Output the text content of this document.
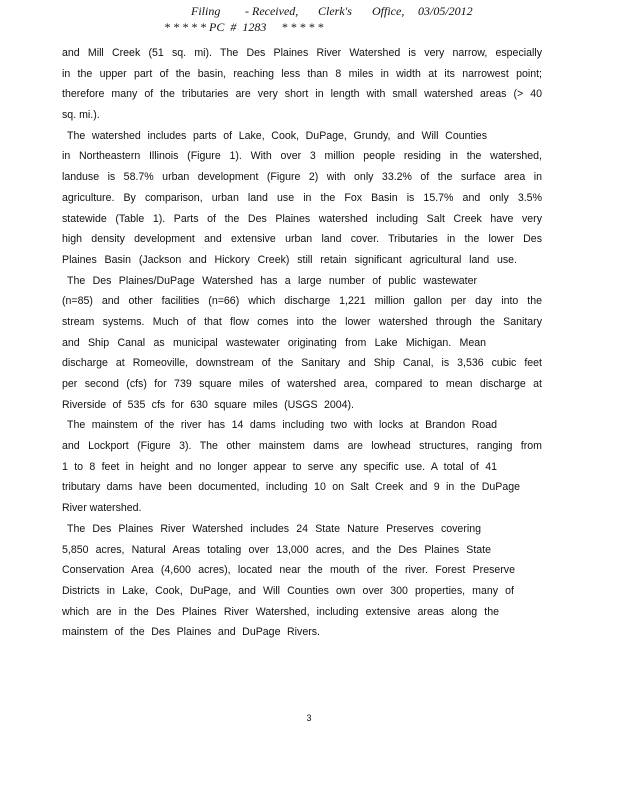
Filing

- Received,

Clerk's

Office,

03/05/2012

* * * * * PC  #  1283     * * * * *

and Mill Creek (51 sq. mi). The Des Plaines River Watershed is very narrow, especially
in the upper part of the basin, reaching less than 8 miles in width at its narrowest point;
therefore many of the tributaries are very short in length with small watershed areas (> 40
sq. mi.).
The watershed includes parts of Lake, Cook, DuPage, Grundy, and Will Counties
in Northeastern Illinois (Figure 1). With over 3 million people residing in the watershed,
landuse is 58.7% urban development (Figure 2) with only 33.2% of the surface area in
agriculture. By comparison, urban land use in the Fox Basin is 15.7% and only 3.5%
statewide (Table 1). Parts of the Des Plaines watershed including Salt Creek have very
high density development and extensive urban land cover. Tributaries in the lower Des
Plaines Basin (Jackson and Hickory Creek) still retain significant agricultural land use.
The Des Plaines/DuPage Watershed has a large number of public wastewater
(n=85) and other facilities (n=66) which discharge 1,221 million gallon per day into the
stream systems. Much of that flow comes into the lower watershed through the Sanitary
and Ship Canal as municipal wastewater originating from Lake Michigan. Mean
discharge at Romeoville, downstream of the Sanitary and Ship Canal, is 3,536 cubic feet
per second (cfs) for 739 square miles of watershed area, compared to mean discharge at
Riverside of 535 cfs for 630 square miles (USGS 2004).
The mainstem of the river has 14 dams including two with locks at Brandon Road
and Lockport (Figure 3). The other mainstem dams are lowhead structures, ranging from
1 to 8 feet in height and no longer appear to serve any specific use. A total of 41
tributary dams have been documented, including 10 on Salt Creek and 9 in the DuPage
River watershed.
The Des Plaines River Watershed includes 24 State Nature Preserves covering
5,850 acres, Natural Areas totaling over 13,000 acres, and the Des Plaines State
Conservation Area (4,600 acres), located near the mouth of the river. Forest Preserve
Districts in Lake, Cook, DuPage, and Will Counties own over 300 properties, many of
which are in the Des Plaines River Watershed, including extensive areas along the
mainstem of the Des Plaines and DuPage Rivers.
3
